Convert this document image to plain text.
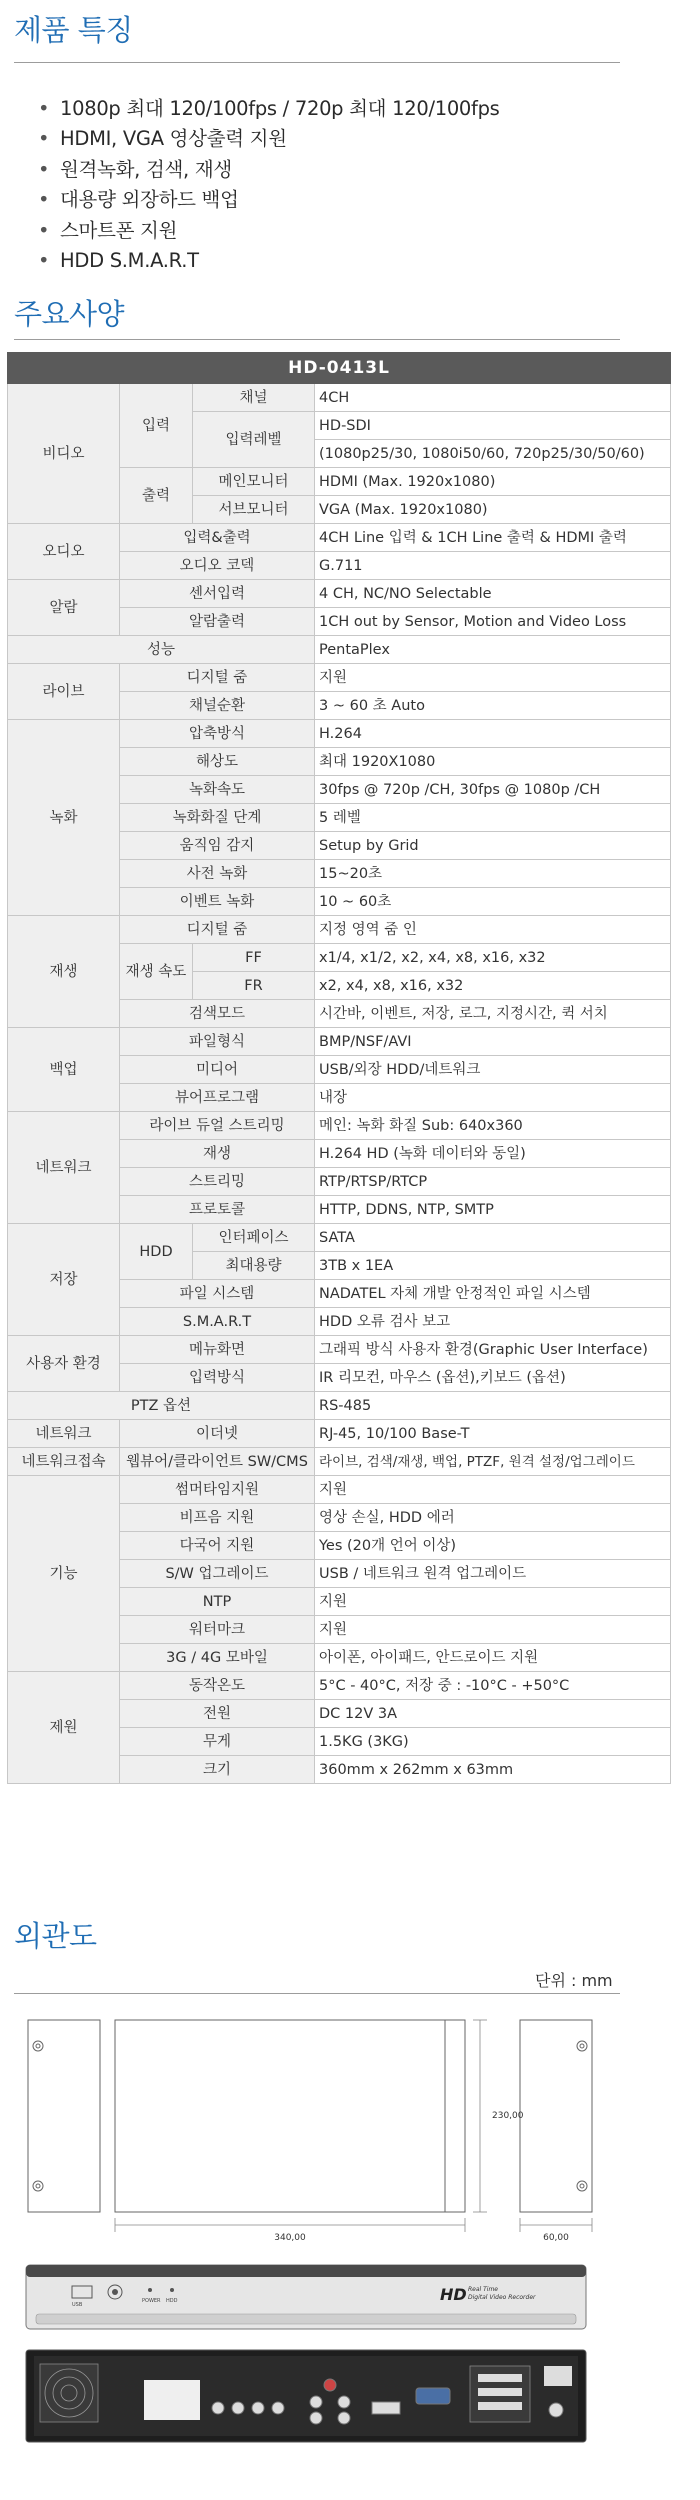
제품 특징
• 1080p 최대 120/100fps / 720p 최대 120/100fps
• HDMI, VGA 영상출력 지원
• 원격녹화, 검색, 재생
• 대용량 외장하드 백업
• 스마트폰 지원
• HDD S.M.A.R.T
주요사양
HD-0413L			
비디오	입력	채널	4CH
		입력레벨	HD-SDI
			(1080p25/30, 1080i50/60, 720p25/30/50/60)
	출력	메인모니터	HDMI (Max. 1920x1080)
		서브모니터	VGA (Max. 1920x1080)
오디오	입력&출력		4CH Line 입력 & 1CH Line 출력 & HDMI 출력
	오디오 코덱		G.711
알람	센서입력		4 CH, NC/NO Selectable
	알람출력		1CH out by Sensor, Motion and Video Loss
성능			PentaPlex
라이브	디지털 줌		지원
	채널순환		3 ~ 60 초 Auto
녹화	압축방식		H.264
	해상도		최대 1920X1080
	녹화속도		30fps @ 720p /CH, 30fps @ 1080p /CH
	녹화화질 단계		5 레벨
	움직임 감지		Setup by Grid
	사전 녹화		15~20초
	이벤트 녹화		10 ~ 60초
재생	디지털 줌		지정 영역 줌 인
	재생 속도	FF	x1/4, x1/2, x2, x4, x8, x16, x32
		FR	x2, x4, x8, x16, x32
	검색모드		시간바, 이벤트, 저장, 로그, 지정시간, 퀵 서치
백업	파일형식		BMP/NSF/AVI
	미디어		USB/외장 HDD/네트워크
	뷰어프로그램		내장
네트워크	라이브 듀얼 스트리밍		메인: 녹화 화질 Sub: 640x360
	재생		H.264 HD (녹화 데이터와 동일)
	스트리밍		RTP/RTSP/RTCP
	프로토콜		HTTP, DDNS, NTP, SMTP
저장	HDD	인터페이스	SATA
		최대용량	3TB x 1EA
	파일 시스템		NADATEL 자체 개발 안정적인 파일 시스템
	S.M.A.R.T		HDD 오류 검사 보고
사용자 환경	메뉴화면		그래픽 방식 사용자 환경(Graphic User Interface)
	입력방식		IR 리모컨, 마우스 (옵션),키보드 (옵션)
PTZ 옵션			RS-485
네트워크	이더넷		RJ-45, 10/100 Base-T
네트워크접속	웹뷰어/클라이언트 SW/CMS		라이브, 검색/재생, 백업, PTZF, 원격 설정/업그레이드
기능	썸머타임지원		지원
	비프음 지원		영상 손실, HDD 에러
	다국어 지원		Yes (20개 언어 이상)
	S/W 업그레이드		USB / 네트워크 원격 업그레이드
	NTP		지원
	워터마크		지원
	3G / 4G 모바일		아이폰, 아이패드, 안드로이드 지원
제원	동작온도		5°C - 40°C, 저장 중 : -10°C - +50°C
	전원		DC 12V 3A
	무게		1.5KG (3KG)
	크기		360mm x 262mm x 63mm
외관도
단위 : mm
340,00
230,00
60,00
USB
POWER HDD	HD Real Time
Digital Video Recorder
